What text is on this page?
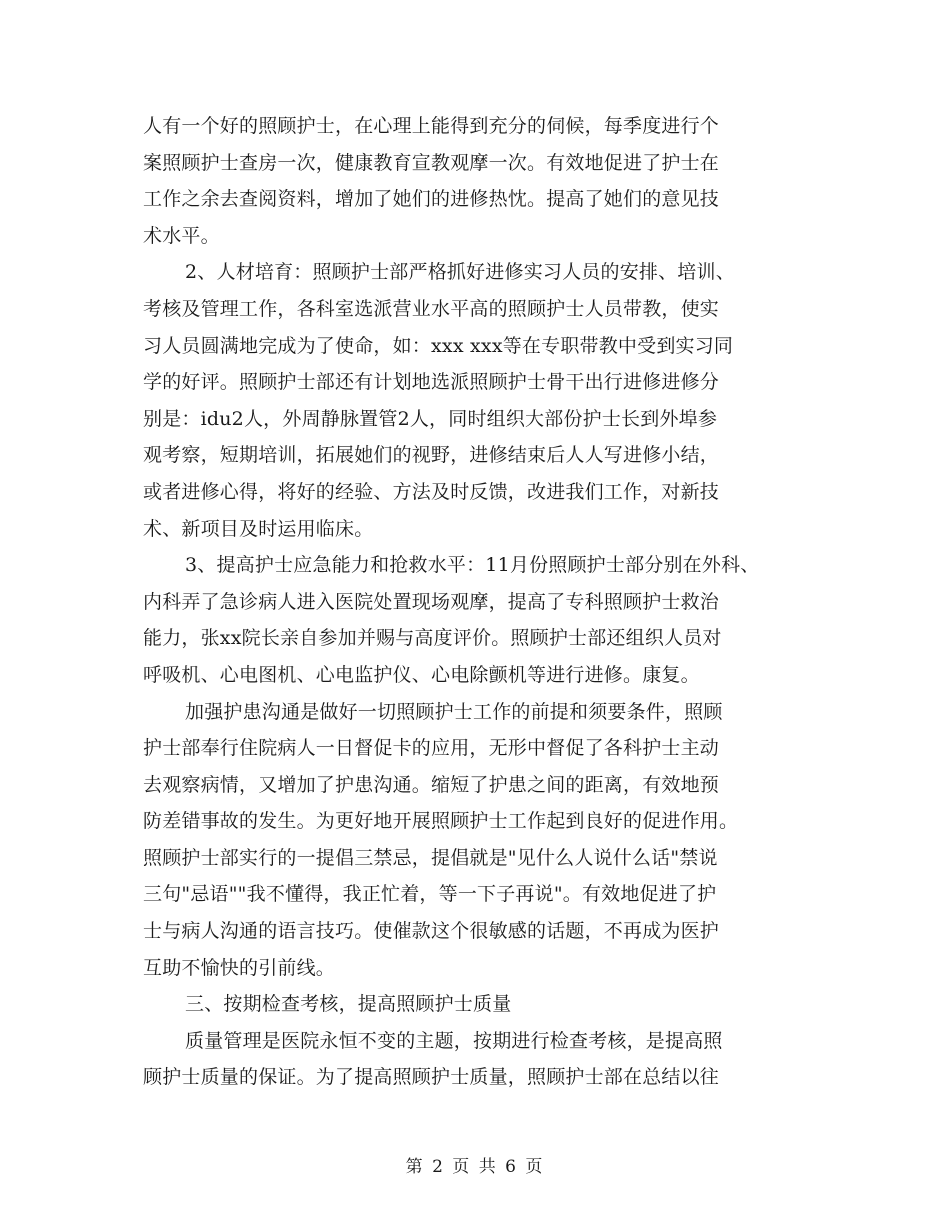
人有一个好的照顾护士，在心理上能得到充分的伺候，每季度进行个
案照顾护士查房一次，健康教育宣教观摩一次。有效地促进了护士在
工作之余去查阅资料，增加了她们的进修热忱。提高了她们的意见技
术水平。
2、人材培育：照顾护士部严格抓好进修实习人员的安排、培训、
考核及管理工作，各科室选派营业水平高的照顾护士人员带教，使实
习人员圆满地完成为了使命，如：xxx xxx等在专职带教中受到实习同
学的好评。照顾护士部还有计划地选派照顾护士骨干出行进修进修分
别是：idu2人，外周静脉置管2人，同时组织大部份护士长到外埠参
观考察，短期培训，拓展她们的视野，进修结束后人人写进修小结，
或者进修心得，将好的经验、方法及时反馈，改进我们工作，对新技
术、新项目及时运用临床。
3、提高护士应急能力和抢救水平：11月份照顾护士部分别在外科、
内科弄了急诊病人进入医院处置现场观摩，提高了专科照顾护士救治
能力，张xx院长亲自参加并赐与高度评价。照顾护士部还组织人员对
呼吸机、心电图机、心电监护仪、心电除颤机等进行进修。康复。
加强护患沟通是做好一切照顾护士工作的前提和须要条件，照顾
护士部奉行住院病人一日督促卡的应用，无形中督促了各科护士主动
去观察病情，又增加了护患沟通。缩短了护患之间的距离，有效地预
防差错事故的发生。为更好地开展照顾护士工作起到良好的促进作用。
照顾护士部实行的一提倡三禁忌，提倡就是"见什么人说什么话"禁说
三句"忌语""我不懂得，我正忙着，等一下子再说"。有效地促进了护
士与病人沟通的语言技巧。使催款这个很敏感的话题，不再成为医护
互助不愉快的引前线。
三、按期检查考核，提高照顾护士质量
质量管理是医院永恒不变的主题，按期进行检查考核，是提高照
顾护士质量的保证。为了提高照顾护士质量，照顾护士部在总结以往
第 2 页 共 6 页
